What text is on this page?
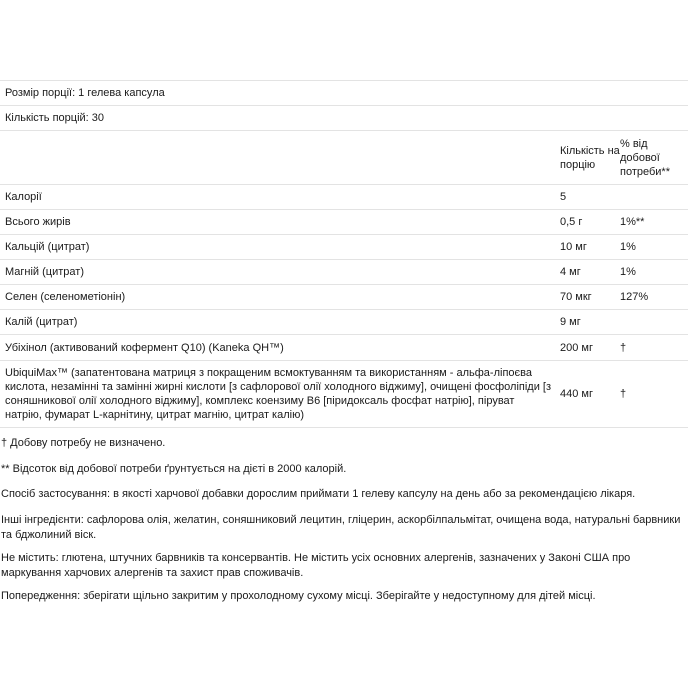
Розмір порції: 1 гелева капсула		
Кількість порцій: 30		
	Кількість на порцію	% від добової потреби**
Калорії	5	
Всього жирів	0,5 г	1%**
Кальцій (цитрат)	10 мг	1%
Магній (цитрат)	4 мг	1%
Селен (селенометіонін)	70 мкг	127%
Калій (цитрат)	9 мг	
Убіхінол (активований кофермент Q10) (Kaneka QH™)	200 мг	†
UbiquiMax™ (запатентована матриця з покращеним всмоктуванням та використанням - альфа-ліпоєва кислота, незамінні та замінні жирні кислоти [з сафлорової олії холодного віджиму], очищені фосфоліпіди [з соняшникової олії холодного віджиму], комплекс коензиму B6 [піридоксаль фосфат натрію], піруват натрію, фумарат L-карнітину, цитрат магнію, цитрат калію)	440 мг	†

† Добову потребу не визначено.

** Відсоток від добової потреби ґрунтується на дієті в 2000 калорій.

Спосіб застосування: в якості харчової добавки дорослим приймати 1 гелеву капсулу на день або за рекомендацією лікаря.

Інші інгредієнти: сафлорова олія, желатин, соняшниковий лецитин, гліцерин, аскорбілпальмітат, очищена вода, натуральні барвники та бджолиний віск.

Не містить: глютена, штучних барвників та консервантів. Не містить усіх основних алергенів, зазначених у Законі США про маркування харчових алергенів та захист прав споживачів.

Попередження: зберігати щільно закритим у прохолодному сухому місці. Зберігайте у недоступному для дітей місці.
